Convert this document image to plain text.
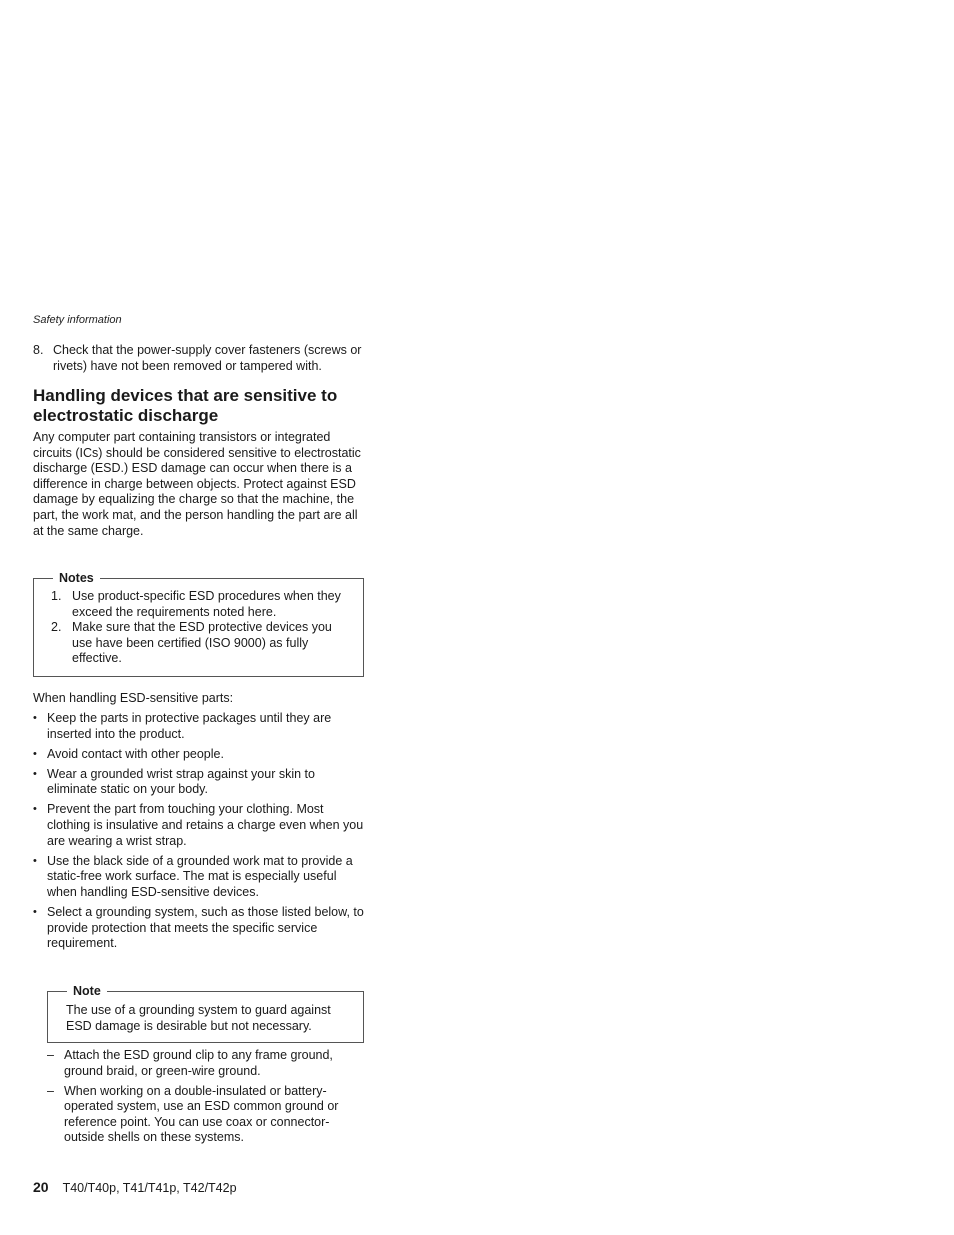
Safety information
8. Check that the power-supply cover fasteners (screws or rivets) have not been removed or tampered with.
Handling devices that are sensitive to electrostatic discharge

Any computer part containing transistors or integrated circuits (ICs) should be considered sensitive to electrostatic discharge (ESD.) ESD damage can occur when there is a difference in charge between objects. Protect against ESD damage by equalizing the charge so that the machine, the part, the work mat, and the person handling the part are all at the same charge.

Notes
1. Use product-specific ESD procedures when they exceed the requirements noted here.
2. Make sure that the ESD protective devices you use have been certified (ISO 9000) as fully effective.

When handling ESD-sensitive parts:

• Keep the parts in protective packages until they are inserted into the product.
• Avoid contact with other people.
• Wear a grounded wrist strap against your skin to eliminate static on your body.
• Prevent the part from touching your clothing. Most clothing is insulative and retains a charge even when you are wearing a wrist strap.
• Use the black side of a grounded work mat to provide a static-free work surface. The mat is especially useful when handling ESD-sensitive devices.
• Select a grounding system, such as those listed below, to provide protection that meets the specific service requirement.
Note

The use of a grounding system to guard against ESD damage is desirable but not necessary.

– Attach the ESD ground clip to any frame ground, ground braid, or green-wire ground.
– When working on a double-insulated or battery-operated system, use an ESD common ground or reference point. You can use coax or connector-outside shells on these systems.
20 T40/T40p, T41/T41p, T42/T42p
